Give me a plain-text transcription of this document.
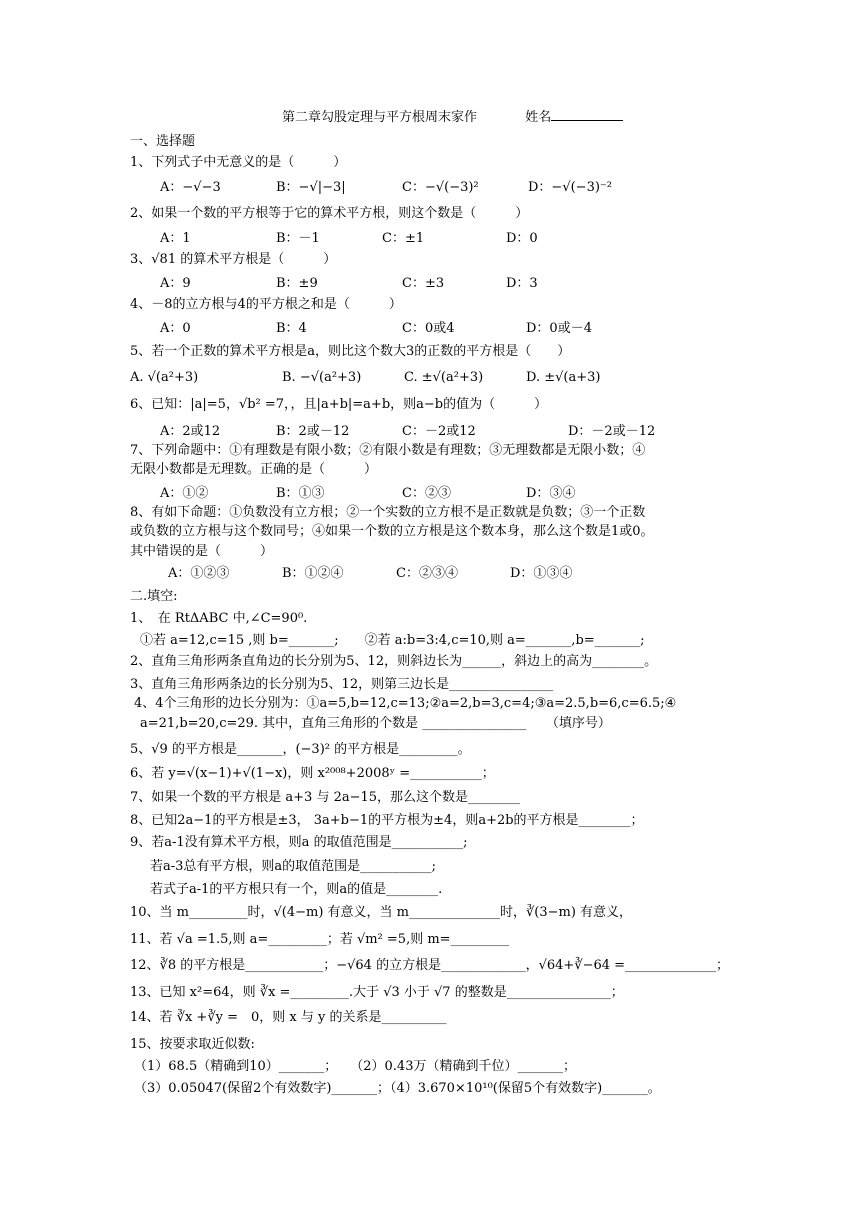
第二章勾股定理与平方根周末家作	姓名
一、选择题
1、下列式子中无意义的是（　　　）
A：−√−3	B：−√|−3|	C：−√(−3)²	D：−√(−3)⁻²
2、如果一个数的平方根等于它的算术平方根，则这个数是（　　　）
A：1	B：－1	C：±1	D：0
3、√81 的算术平方根是（　　　）
A：9	B：±9	C：±3	D：3
4、－8的立方根与4的平方根之和是（　　　）
A：0	B：4	C：0或4	D：0或－4
5、若一个正数的算术平方根是a，则比这个数大3的正数的平方根是（　　）
A. √(a²+3)	B. −√(a²+3)	C. ±√(a²+3)	D. ±√(a+3)
6、已知：|a|=5，√b² =7，，且|a+b|=a+b，则a−b的值为（　　　）
A：2或12	B：2或－12	C：－2或12	D：－2或－12
7、下列命题中：①有理数是有限小数；②有限小数是有理数；③无理数都是无限小数；④
无限小数都是无理数。正确的是（　　　）
A：①②	B：①③	C：②③	D：③④
8、有如下命题：①负数没有立方根；②一个实数的立方根不是正数就是负数；③一个正数
或负数的立方根与这个数同号；④如果一个数的立方根是这个数本身，那么这个数是1或0。
其中错误的是（　　　）
A：①②③	B：①②④	C：②③④	D：①③④
二.填空:
1、　在 RtΔABC 中,∠C=90⁰.
①若 a=12,c=15 ,则 b=_______;　　②若 a:b=3:4,c=10,则 a=_______,b=_______;
2、直角三角形两条直角边的长分别为5、12，则斜边长为______，斜边上的高为________。
3、直角三角形两条边的长分别为5、12，则第三边长是________________
4、4个三角形的边长分别为：①a=5,b=12,c=13;②a=2,b=3,c=4;③a=2.5,b=6,c=6.5;④
a=21,b=20,c=29. 其中，直角三角形的个数是 ________________　　（填序号）
5、√9 的平方根是_______，(−3)² 的平方根是_________。
6、若 y=√(x−1)+√(1−x)，则 x²⁰⁰⁸+2008ʸ =___________；
7、如果一个数的平方根是 a+3 与 2a−15，那么这个数是________
8、已知2a−1的平方根是±3， 3a+b−1的平方根为±4，则a+2b的平方根是________；
9、若a-1没有算术平方根，则a 的取值范围是___________;
若a-3总有平方根，则a的取值范围是___________;
若式子a-1的平方根只有一个，则a的值是________.
10、当 m_________时，√(4−m) 有意义，当 m______________时，∛(3−m) 有意义，
11、若 √a =1.5,则 a=_________；若 √m² =5,则 m=_________
12、∛8 的平方根是____________；−√64 的立方根是_____________，√64+∛−64 =______________；
13、已知 x²=64，则 ∛x =_________.大于 √3 小于 √7 的整数是________________；
14、若 ∛x +∛y =　0，则 x 与 y 的关系是__________
15、按要求取近似数:
（1）68.5（精确到10）_______；　　（2）0.43万（精确到千位）_______；
（3）0.05047(保留2个有效数字)_______；（4）3.670×10¹⁰(保留5个有效数字)_______。
